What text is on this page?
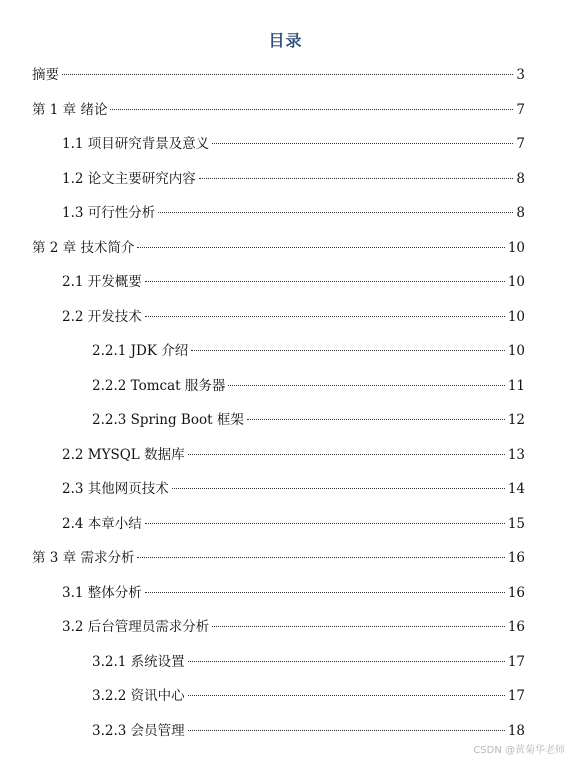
目录
摘要	3
第 1 章 绪论	7
1.1 项目研究背景及意义	7
1.2 论文主要研究内容	8
1.3 可行性分析	8
第 2 章 技术简介	10
2.1 开发概要	10
2.2 开发技术	10
2.2.1 JDK 介绍	10
2.2.2 Tomcat 服务器	11
2.2.3 Spring Boot 框架	12
2.2 MYSQL 数据库	13
2.3 其他网页技术	14
2.4 本章小结	15
第 3 章 需求分析	16
3.1 整体分析	16
3.2 后台管理员需求分析	16
3.2.1 系统设置	17
3.2.2 资讯中心	17
3.2.3 会员管理	18
CSDN @黄菊华老师
